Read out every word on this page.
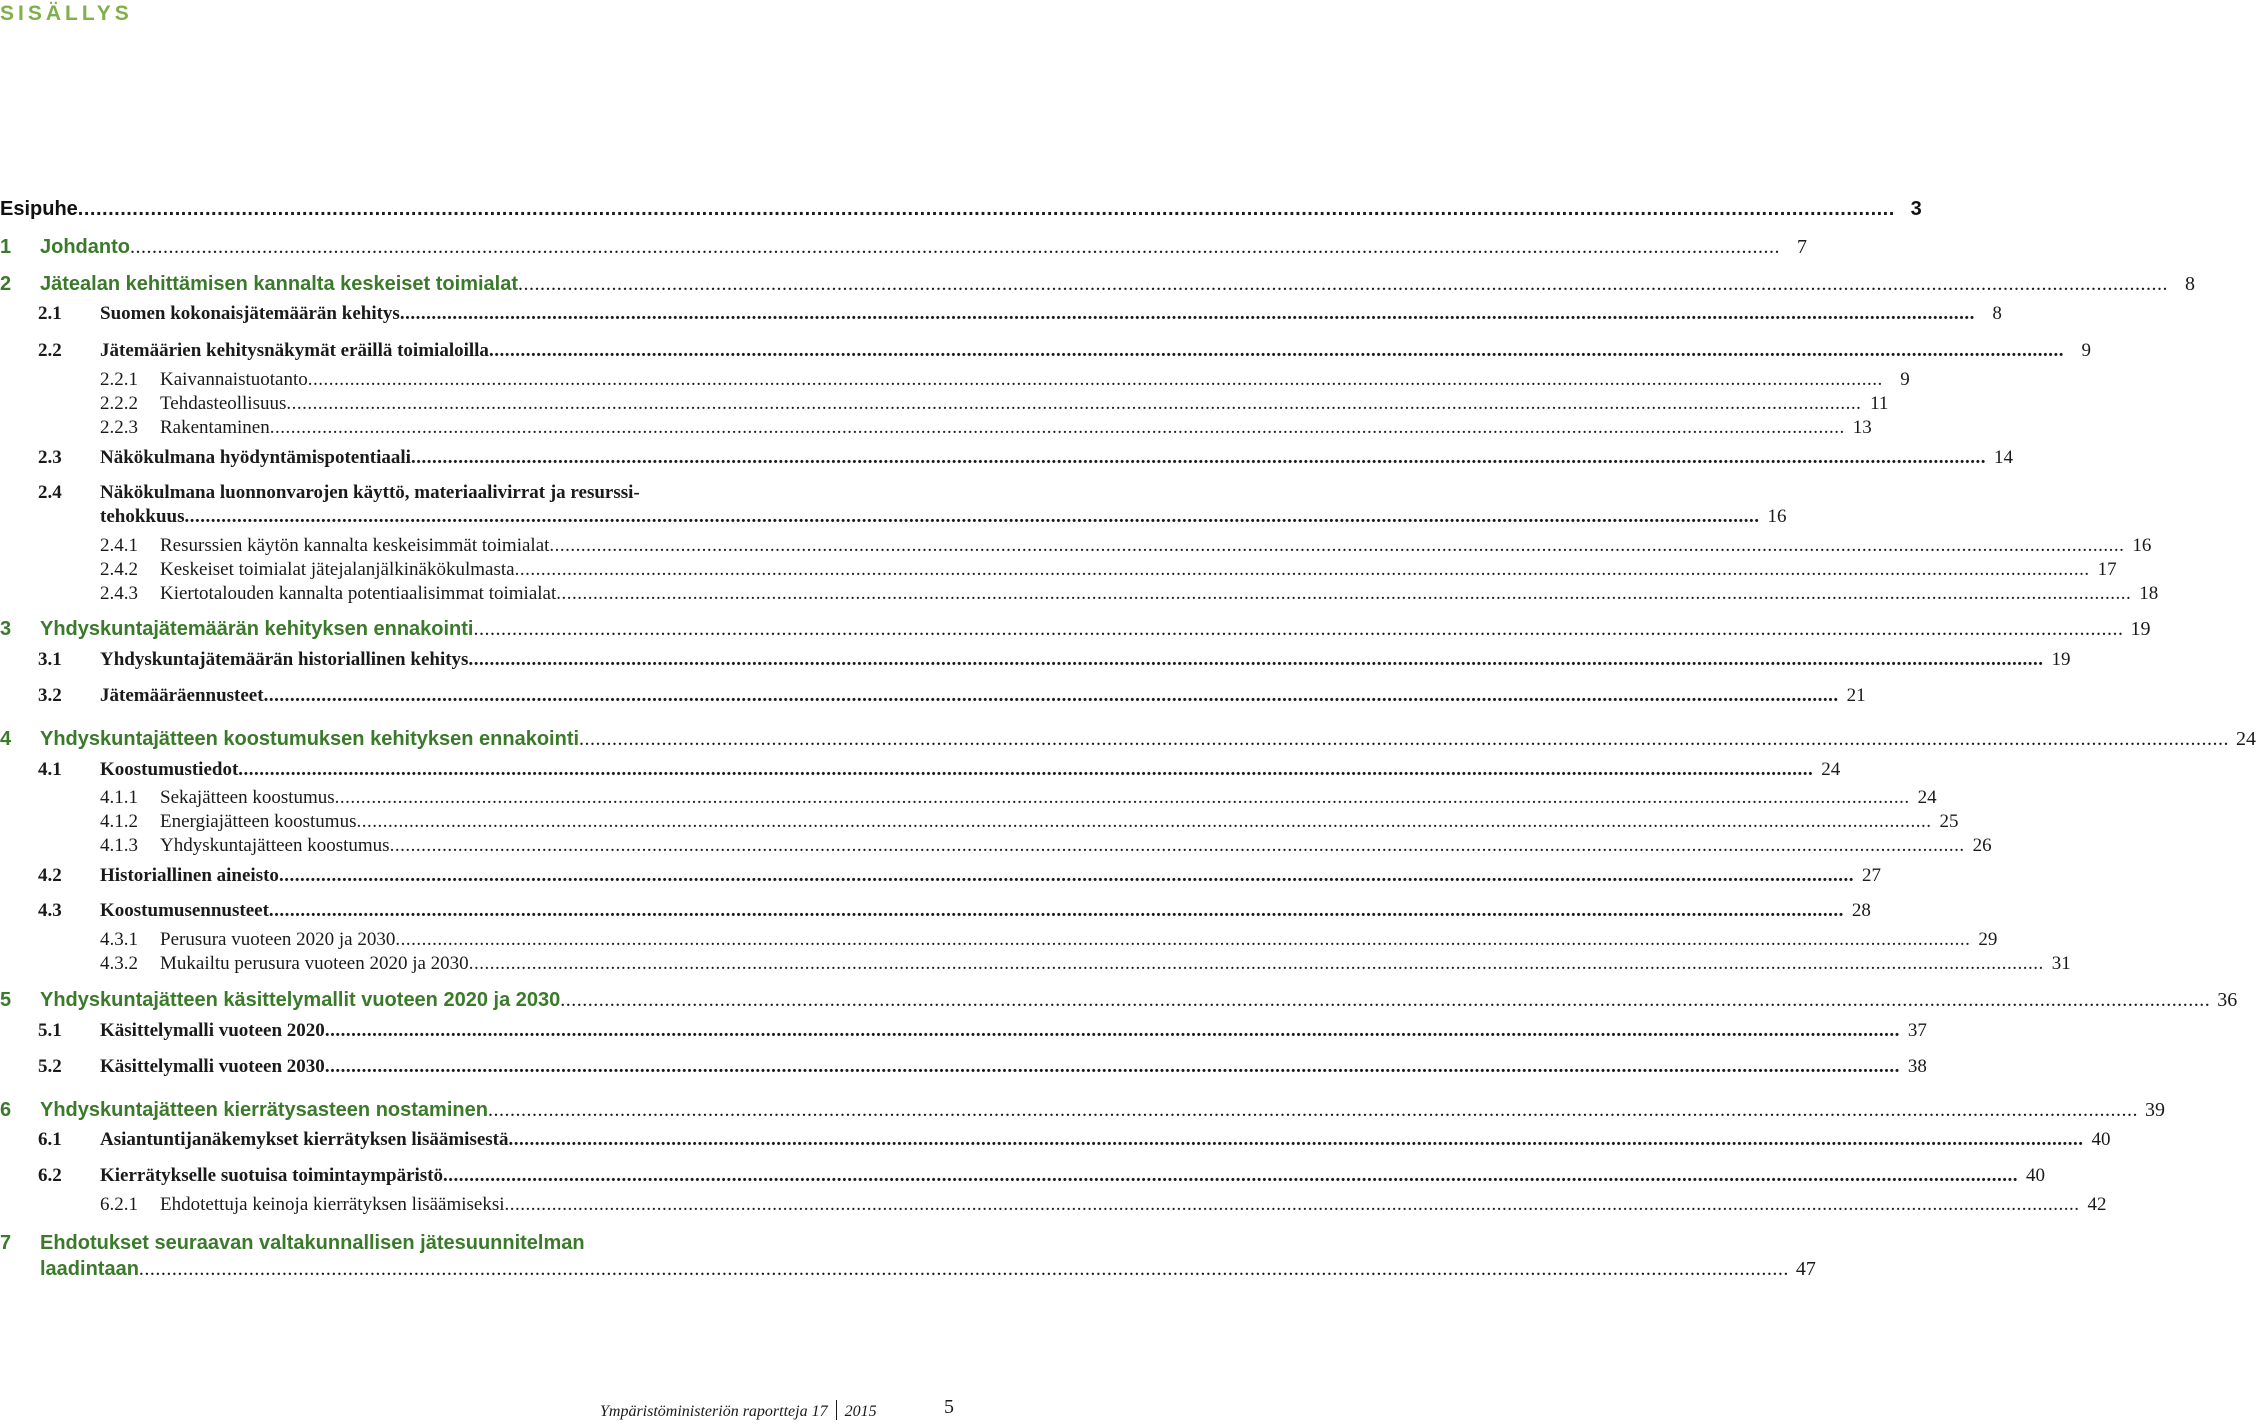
SISÄLLYS
Esipuhe ............................................................................................................................................................................................................................................................................................................ 3
1 Johdanto ............................................................................................................................................................................................................................................................................................................ 7
2 Jätealan kehittämisen kannalta keskeiset toimialat ............................................................................................................................................................................................................................................................................................................ 8
2.1 Suomen kokonaisjätemäärän kehitys ............................................................................................................................................................................................................................................................................................................ 8
2.2 Jätemäärien kehitysnäkymät eräillä toimialoilla ............................................................................................................................................................................................................................................................................................................ 9
2.2.1 Kaivannaistuotanto ............................................................................................................................................................................................................................................................................................................ 9
2.2.2 Tehdasteollisuus ............................................................................................................................................................................................................................................................................................................ 11
2.2.3 Rakentaminen ............................................................................................................................................................................................................................................................................................................ 13
2.3 Näkökulmana hyödyntämispotentiaali ............................................................................................................................................................................................................................................................................................................ 14
2.4 Näkökulmana luonnonvarojen käyttö, materiaalivirrat ja resurssi-
tehokkuus ............................................................................................................................................................................................................................................................................................................ 16
2.4.1 Resurssien käytön kannalta keskeisimmät toimialat ............................................................................................................................................................................................................................................................................................................ 16
2.4.2 Keskeiset toimialat jätejalanjälkinäkökulmasta ............................................................................................................................................................................................................................................................................................................ 17
2.4.3 Kiertotalouden kannalta potentiaalisimmat toimialat ............................................................................................................................................................................................................................................................................................................ 18
3 Yhdyskuntajätemäärän kehityksen ennakointi ............................................................................................................................................................................................................................................................................................................ 19
3.1 Yhdyskuntajätemäärän historiallinen kehitys ............................................................................................................................................................................................................................................................................................................ 19
3.2 Jätemääräennusteet ............................................................................................................................................................................................................................................................................................................ 21
4 Yhdyskuntajätteen koostumuksen kehityksen ennakointi ............................................................................................................................................................................................................................................................................................................ 24
4.1 Koostumustiedot ............................................................................................................................................................................................................................................................................................................ 24
4.1.1 Sekajätteen koostumus ............................................................................................................................................................................................................................................................................................................ 24
4.1.2 Energiajätteen koostumus ............................................................................................................................................................................................................................................................................................................ 25
4.1.3 Yhdyskuntajätteen koostumus ............................................................................................................................................................................................................................................................................................................ 26
4.2 Historiallinen aineisto ............................................................................................................................................................................................................................................................................................................ 27
4.3 Koostumusennusteet ............................................................................................................................................................................................................................................................................................................ 28
4.3.1 Perusura vuoteen 2020 ja 2030 ............................................................................................................................................................................................................................................................................................................ 29
4.3.2 Mukailtu perusura vuoteen 2020 ja 2030 ............................................................................................................................................................................................................................................................................................................ 31
5 Yhdyskuntajätteen käsittelymallit vuoteen 2020 ja 2030 ............................................................................................................................................................................................................................................................................................................ 36
5.1 Käsittelymalli vuoteen 2020 ............................................................................................................................................................................................................................................................................................................ 37
5.2 Käsittelymalli vuoteen 2030 ............................................................................................................................................................................................................................................................................................................ 38
6 Yhdyskuntajätteen kierrätysasteen nostaminen ............................................................................................................................................................................................................................................................................................................ 39
6.1 Asiantuntijanäkemykset kierrätyksen lisäämisestä ............................................................................................................................................................................................................................................................................................................ 40
6.2 Kierrätykselle suotuisa toimintaympäristö ............................................................................................................................................................................................................................................................................................................ 40
6.2.1 Ehdotettuja keinoja kierrätyksen lisäämiseksi ............................................................................................................................................................................................................................................................................................................ 42
7 Ehdotukset seuraavan valtakunnallisen jätesuunnitelman
laadintaan ............................................................................................................................................................................................................................................................................................................ 47
Ympäristöministeriön raportteja 17 2015	5
